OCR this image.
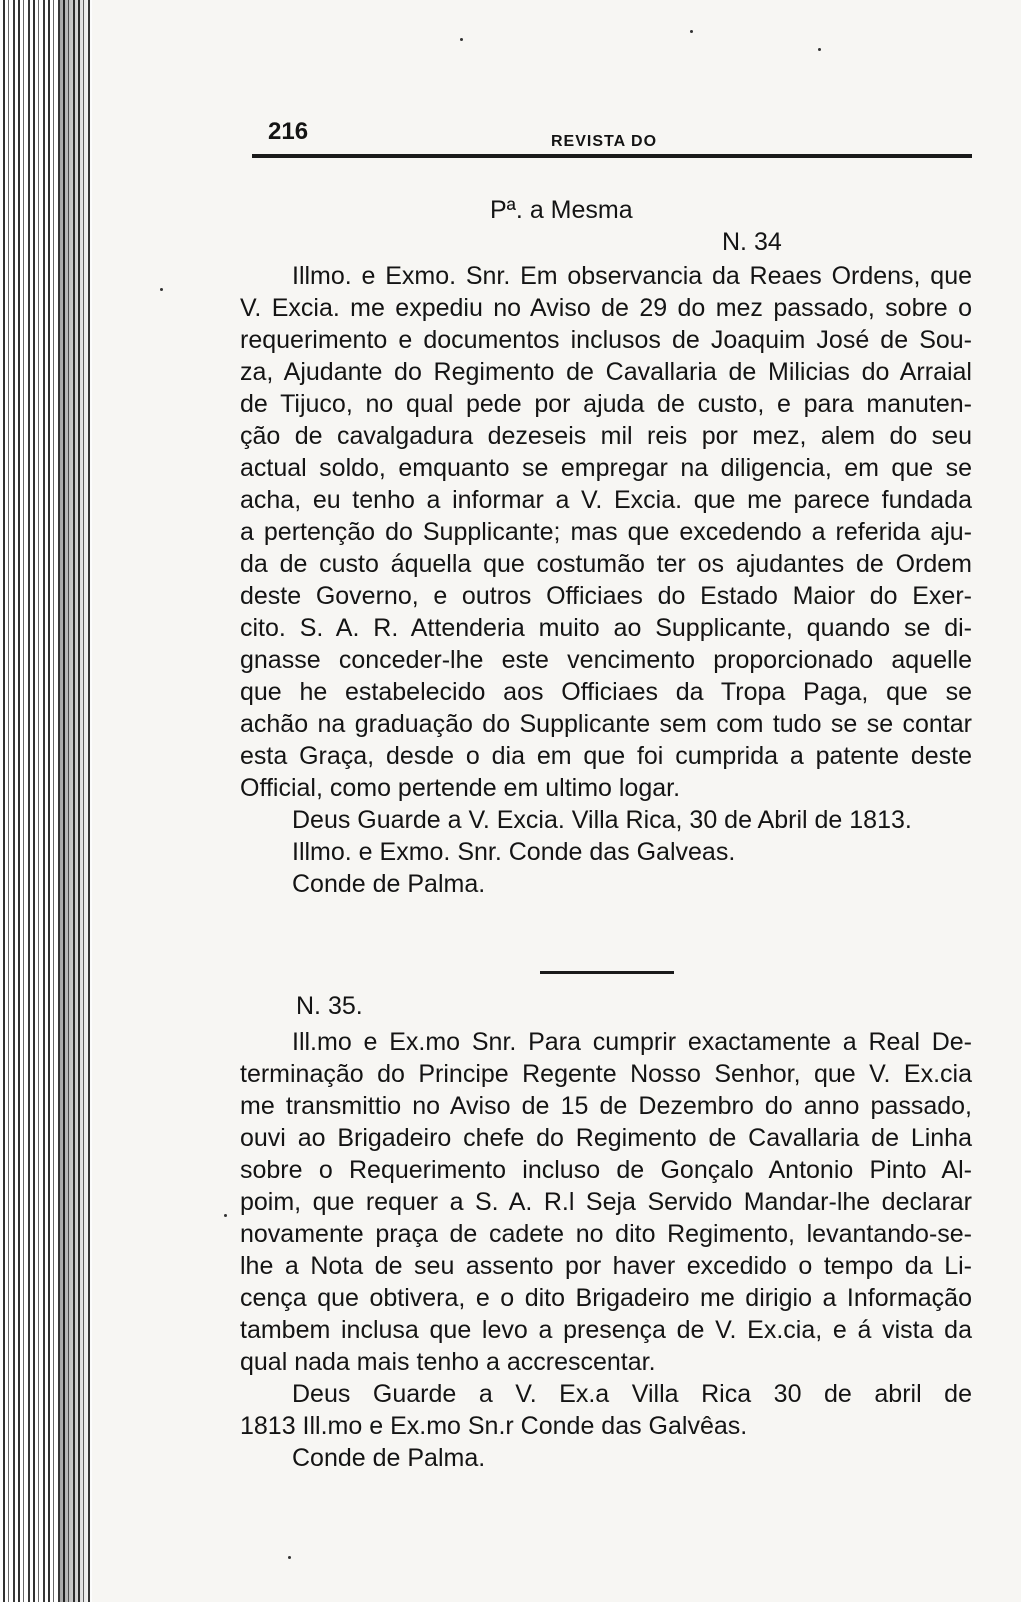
216	REVISTA DO
Pª. a Mesma
N. 34
Illmo. e Exmo. Snr. Em observancia da Reaes Ordens, que
V. Excia. me expediu no Aviso de 29 do mez passado, sobre o
requerimento e documentos inclusos de Joaquim José de Sou-
za, Ajudante do Regimento de Cavallaria de Milicias do Arraial
de Tijuco, no qual pede por ajuda de custo, e para manuten-
ção de cavalgadura dezeseis mil reis por mez, alem do seu
actual soldo, emquanto se empregar na diligencia, em que se
acha, eu tenho a informar a V. Excia. que me parece fundada
a pertenção do Supplicante; mas que excedendo a referida aju-
da de custo áquella que costumão ter os ajudantes de Ordem
deste Governo, e outros Officiaes do Estado Maior do Exer-
cito. S. A. R. Attenderia muito ao Supplicante, quando se di-
gnasse conceder-lhe este vencimento proporcionado aquelle
que he estabelecido aos Officiaes da Tropa Paga, que se
achão na graduação do Supplicante sem com tudo se se contar
esta Graça, desde o dia em que foi cumprida a patente deste
Official, como pertende em ultimo logar.
Deus Guarde a V. Excia. Villa Rica, 30 de Abril de 1813.
Illmo. e Exmo. Snr. Conde das Galveas.
Conde de Palma.
N. 35.
Ill.mo e Ex.mo Snr. Para cumprir exactamente a Real De-
terminação do Principe Regente Nosso Senhor, que V. Ex.cia
me transmittio no Aviso de 15 de Dezembro do anno passado,
ouvi ao Brigadeiro chefe do Regimento de Cavallaria de Linha
sobre o Requerimento incluso de Gonçalo Antonio Pinto Al-
poim, que requer a S. A. R.l Seja Servido Mandar-lhe declarar
novamente praça de cadete no dito Regimento, levantando-se-
lhe a Nota de seu assento por haver excedido o tempo da Li-
cença que obtivera, e o dito Brigadeiro me dirigio a Informação
tambem inclusa que levo a presença de V. Ex.cia, e á vista da
qual nada mais tenho a accrescentar.
Deus Guarde a V. Ex.a Villa Rica 30 de abril de
1813 Ill.mo e Ex.mo Sn.r Conde das Galvêas.
Conde de Palma.
